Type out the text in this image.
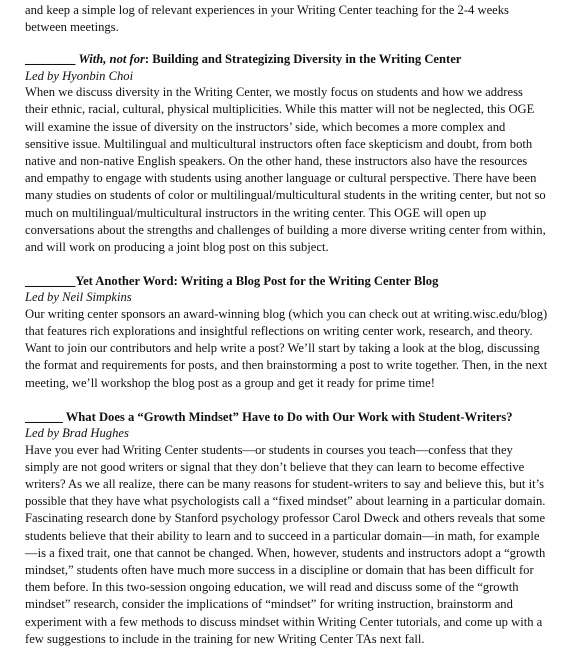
and keep a simple log of relevant experiences in your Writing Center teaching for the 2-4 weeks between meetings.

________ With, not for: Building and Strategizing Diversity in the Writing Center

Led by Hyonbin Choi

When we discuss diversity in the Writing Center, we mostly focus on students and how we address their ethnic, racial, cultural, physical multiplicities. While this matter will not be neglected, this OGE will examine the issue of diversity on the instructors’ side, which becomes a more complex and sensitive issue. Multilingual and multicultural instructors often face skepticism and doubt, from both native and non-native English speakers. On the other hand, these instructors also have the resources and empathy to engage with students using another language or cultural perspective. There have been many studies on students of color or multilingual/multicultural students in the writing center, but not so much on multilingual/multicultural instructors in the writing center. This OGE will open up conversations about the strengths and challenges of building a more diverse writing center from within, and will work on producing a joint blog post on this subject.

________Yet Another Word: Writing a Blog Post for the Writing Center Blog

Led by Neil Simpkins

Our writing center sponsors an award-winning blog (which you can check out at writing.wisc.edu/blog) that features rich explorations and insightful reflections on writing center work, research, and theory. Want to join our contributors and help write a post? We’ll start by taking a look at the blog, discussing the format and requirements for posts, and then brainstorming a post to write together. Then, in the next meeting, we’ll workshop the blog post as a group and get it ready for prime time!

______ What Does a “Growth Mindset” Have to Do with Our Work with Student-Writers?

Led by Brad Hughes

Have you ever had Writing Center students—or students in courses you teach—confess that they simply are not good writers or signal that they don’t believe that they can learn to become effective writers? As we all realize, there can be many reasons for student-writers to say and believe this, but it’s possible that they have what psychologists call a “fixed mindset” about learning in a particular domain. Fascinating research done by Stanford psychology professor Carol Dweck and others reveals that some students believe that their ability to learn and to succeed in a particular domain—in math, for example—is a fixed trait, one that cannot be changed. When, however, students and instructors adopt a “growth mindset,” students often have much more success in a discipline or domain that has been difficult for them before. In this two-session ongoing education, we will read and discuss some of the “growth mindset” research, consider the implications of “mindset” for writing instruction, brainstorm and experiment with a few methods to discuss mindset within Writing Center tutorials, and come up with a few suggestions to include in the training for new Writing Center TAs next fall.
